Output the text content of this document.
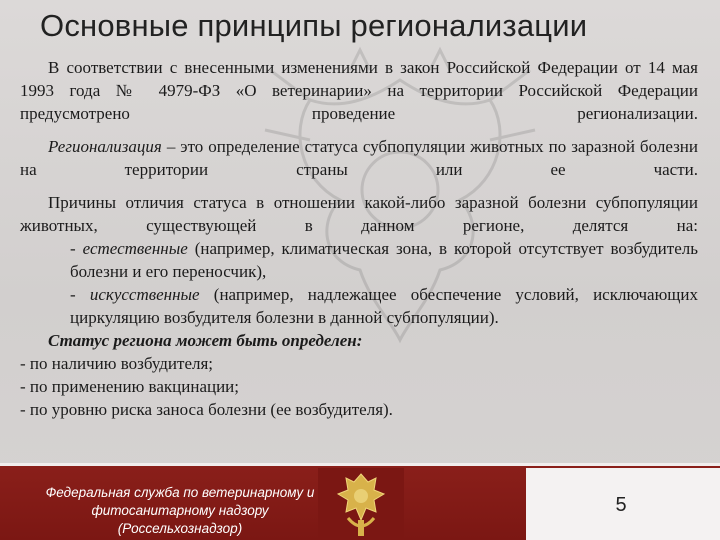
Основные принципы регионализации

В соответствии с внесенными изменениями в закон Российской Федерации от 14 мая 1993 года № 4979-ФЗ «О ветеринарии» на территории Российской Федерации предусмотрено проведение регионализации.

Регионализация – это определение статуса субпопуляции животных по заразной болезни на территории страны или ее части.

Причины отличия статуса в отношении какой-либо заразной болезни субпопуляции животных, существующей в данном регионе, делятся на:

- естественные (например, климатическая зона, в которой отсутствует возбудитель болезни и его переносчик),

- искусственные (например, надлежащее обеспечение условий, исключающих циркуляцию возбудителя болезни в данной субпопуляции).

Статус региона может быть определен:

- по наличию возбудителя;

- по применению вакцинации;

- по уровню риска заноса болезни (ее возбудителя).

Федеральная служба по ветеринарному и
фитосанитарному надзору
(Россельхознадзор)
5
